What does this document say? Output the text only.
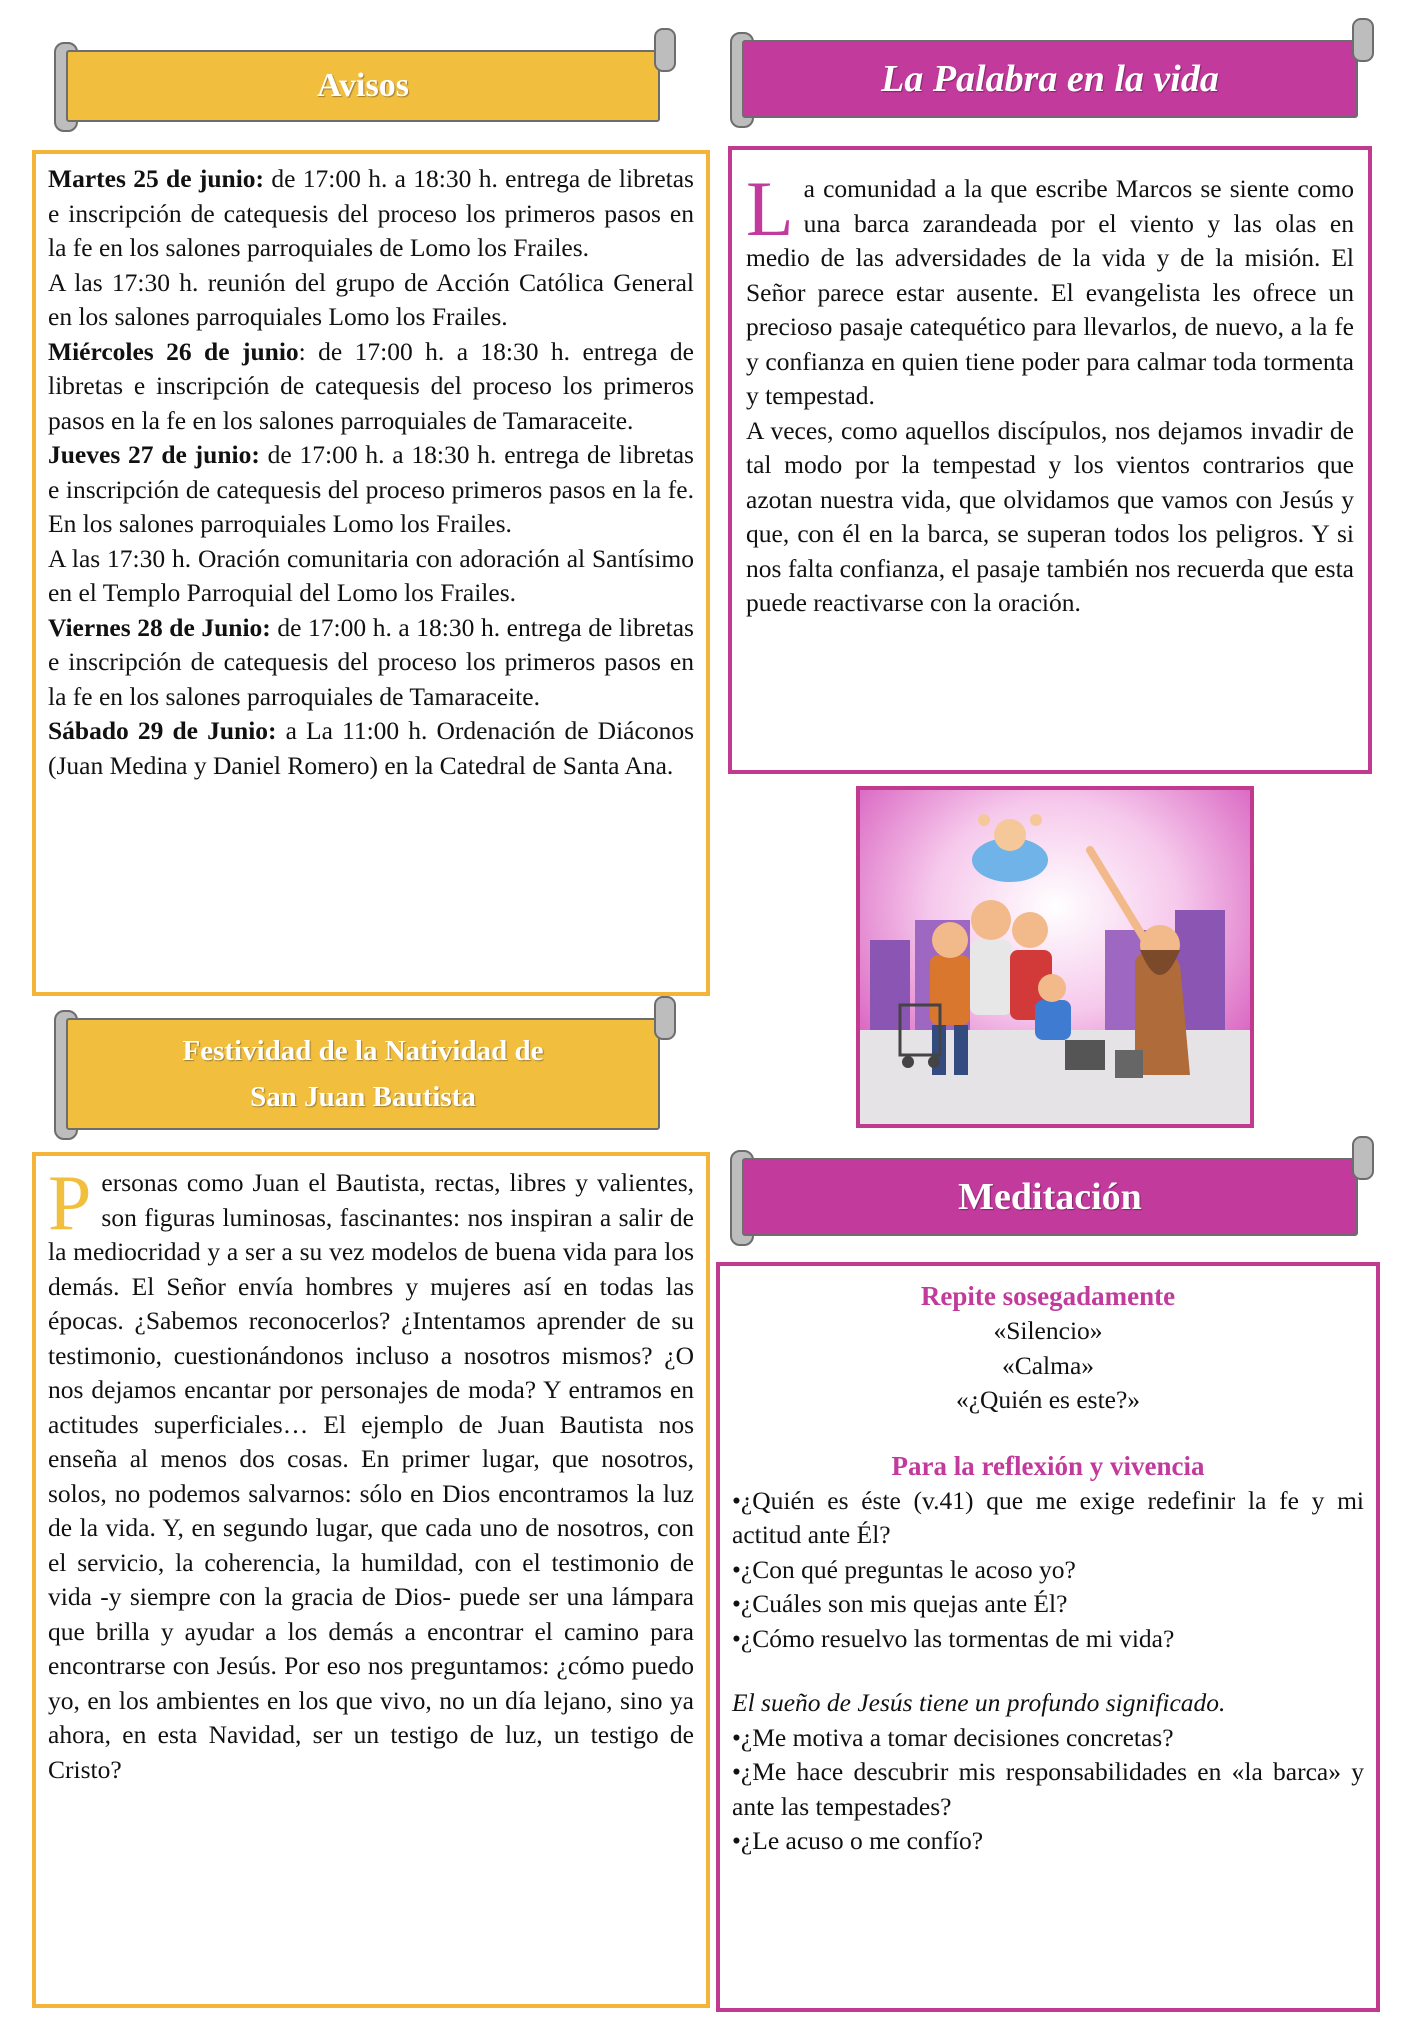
Avisos

Martes 25 de junio: de 17:00 h. a 18:30 h. entrega de libretas e inscripción de catequesis del proceso los primeros pasos en la fe en los salones parroquiales de Lomo los Frailes.

A las 17:30 h. reunión del grupo de Acción Católica General en los salones parroquiales Lomo los Frailes.

Miércoles 26 de junio: de 17:00 h. a 18:30 h. entrega de libretas e inscripción de catequesis del proceso los primeros pasos en la fe en los salones parroquiales de Tamaraceite.

Jueves 27 de junio: de 17:00 h. a 18:30 h. entrega de libretas e inscripción de catequesis del proceso primeros pasos en la fe. En los salones parroquiales Lomo los Frailes.

A las 17:30 h. Oración comunitaria con adoración al Santísimo en el Templo Parroquial del Lomo los Frailes.

Viernes 28 de Junio: de 17:00 h. a 18:30 h. entrega de libretas e inscripción de catequesis del proceso los primeros pasos en la fe en los salones parroquiales de Tamaraceite.

Sábado 29 de Junio: a La 11:00 h. Ordenación de Diáconos (Juan Medina y Daniel Romero) en la Catedral de Santa Ana.

Festividad de la Natividad de
San Juan Bautista
P ersonas como Juan el Bautista, rectas, libres y valientes, son figuras luminosas, fascinantes: nos inspiran a salir de la mediocridad y a ser a su vez modelos de buena vida para los demás. El Señor envía hombres y mujeres así en todas las épocas. ¿Sabemos reconocerlos? ¿Intentamos aprender de su testimonio, cuestionándonos incluso a nosotros mismos? ¿O nos dejamos encantar por personajes de moda? Y entramos en actitudes superficiales… El ejemplo de Juan Bautista nos enseña al menos dos cosas. En primer lugar, que nosotros, solos, no podemos salvarnos: sólo en Dios encontramos la luz de la vida. Y, en segundo lugar, que cada uno de nosotros, con el servicio, la coherencia, la humildad, con el testimonio de vida -y siempre con la gracia de Dios- puede ser una lámpara que brilla y ayudar a los demás a encontrar el camino para encontrarse con Jesús. Por eso nos preguntamos: ¿cómo puedo yo, en los ambientes en los que vivo, no un día lejano, sino ya ahora, en esta Navidad, ser un testigo de luz, un testigo de Cristo?
La Palabra en la vida

L a comunidad a la que escribe Marcos se siente como una barca zarandeada por el viento y las olas en medio de las adversidades de la vida y de la misión. El Señor parece estar ausente. El evangelista les ofrece un precioso pasaje catequético para llevarlos, de nuevo, a la fe y confianza en quien tiene poder para calmar toda tormenta y tempestad.

A veces, como aquellos discípulos, nos dejamos invadir de tal modo por la tempestad y los vientos contrarios que azotan nuestra vida, que olvidamos que vamos con Jesús y que, con él en la barca, se superan todos los peligros. Y si nos falta confianza, el pasaje también nos recuerda que esta puede reactivarse con la oración.

Meditación
Repite sosegadamente
«Silencio»
«Calma»
«¿Quién es este?»
Para la reflexión y vivencia
•¿Quién es éste (v.41) que me exige redefinir la fe y mi actitud ante Él?
•¿Con qué preguntas le acoso yo?
•¿Cuáles son mis quejas ante Él?
•¿Cómo resuelvo las tormentas de mi vida?
El sueño de Jesús tiene un profundo significado.
•¿Me motiva a tomar decisiones concretas?
•¿Me hace descubrir mis responsabilidades en «la barca» y ante las tempestades?
•¿Le acuso o me confío?
